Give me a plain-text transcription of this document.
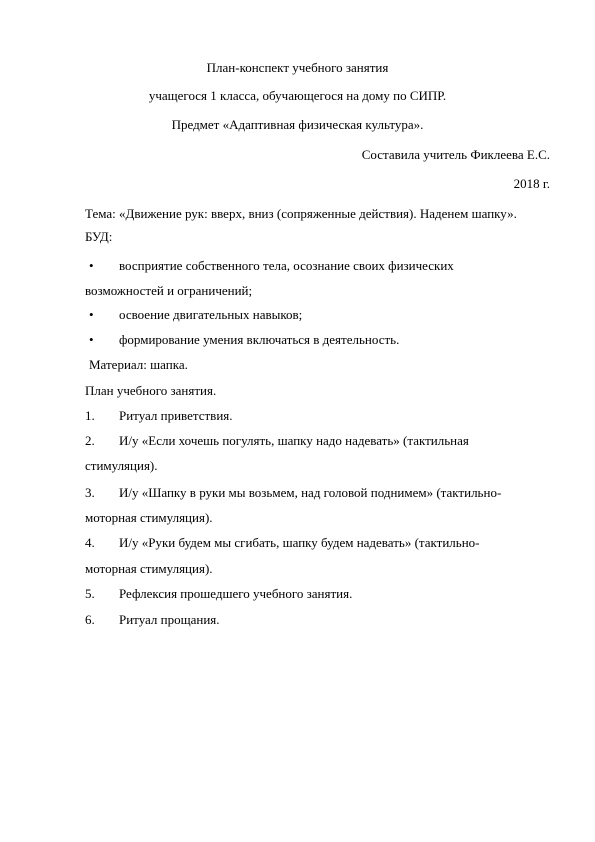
План-конспект учебного занятия
учащегося 1 класса, обучающегося на дому по СИПР.
Предмет «Адаптивная физическая культура».
Составила учитель Фиклеева Е.С.
2018 г.
Тема: «Движение рук: вверх, вниз (сопряженные действия). Наденем шапку».
БУД:
• восприятие собственного тела, осознание своих физических
возможностей и ограничений;
• освоение двигательных навыков;
• формирование умения включаться в деятельность.
Материал: шапка.
План учебного занятия.
1. Ритуал приветствия.
2. И/у «Если хочешь погулять, шапку надо надевать» (тактильная
стимуляция).
3. И/у «Шапку в руки мы возьмем, над головой поднимем» (тактильно-
моторная стимуляция).
4. И/у «Руки будем мы сгибать, шапку будем надевать» (тактильно-
моторная стимуляция).
5. Рефлексия прошедшего учебного занятия.
6. Ритуал прощания.
